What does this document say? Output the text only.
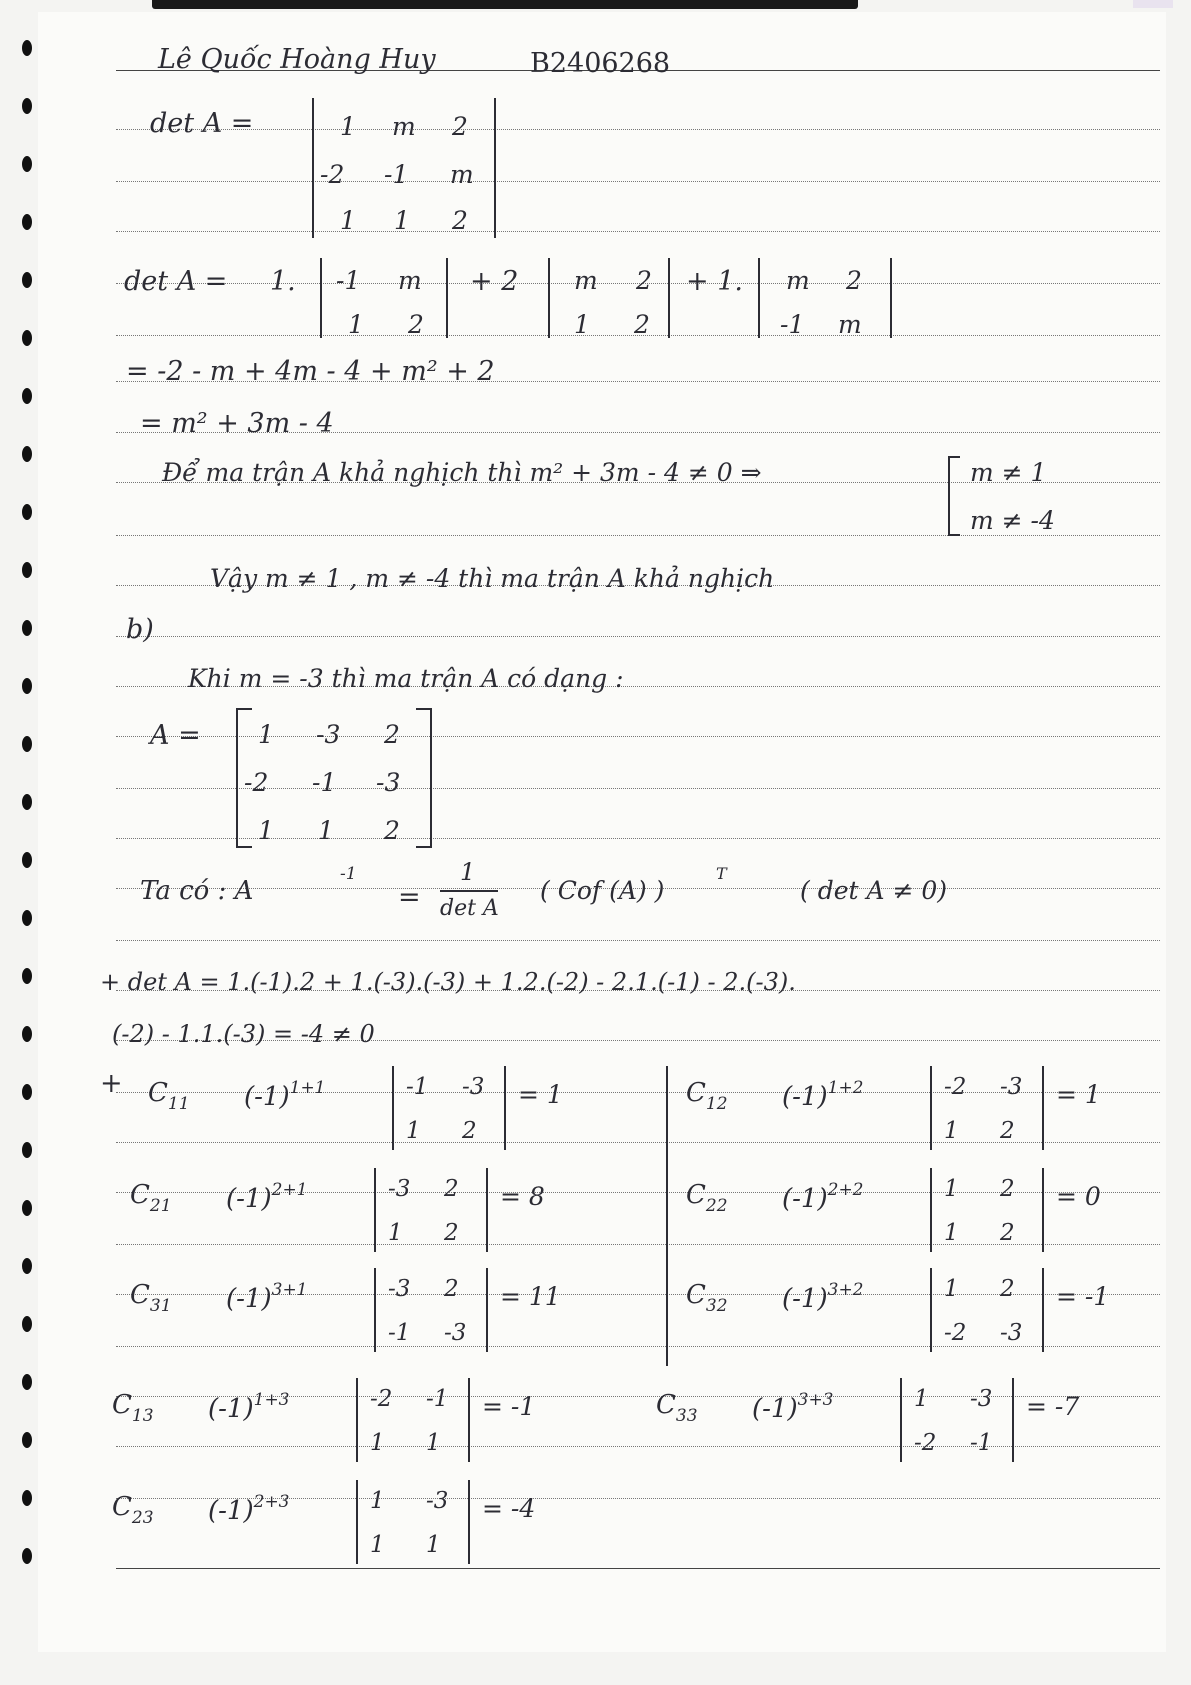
Lê Quốc Hoàng Huy	B2406268
det A =	1 m 2
-2 -1 m
1 1 2
det A = 1. -1 m
1 2
+ 2 m 2
1 2
+ 1. m 2
-1 m
= -2 - m + 4m - 4 + m² + 2
= m² + 3m - 4
Để ma trận A khả nghịch thì m² + 3m - 4 ≠ 0 ⇒	m ≠ 1
m ≠ -4
Vậy m ≠ 1 , m ≠ -4 thì ma trận A khả nghịch
b)
Khi m = -3 thì ma trận A có dạng :
A = 1 -3 2
-2 -1 -3
1 1 2
Ta có : A
-1
=
1
det A
( Cof (A) )
T
( det A ≠ 0)
+ det A = 1.(-1).2 + 1.(-3).(-3) + 1.2.(-2) - 2.1.(-1) - 2.(-3).
(-2) - 1.1.(-3) = -4 ≠ 0
+ $C_{11}$ $(-1)^{1+1}$	-1 -3
1 2
= 1	$C_{12}$ $(-1)^{1+2}$	-2 -3
1 2
= 1
$C_{21}$ $(-1)^{2+1}$	-3 2
1 2
= 8	$C_{22}$ $(-1)^{2+2}$	1 2
1 2
= 0
$C_{31}$ $(-1)^{3+1}$	-3 2
-1 -3
= 11	$C_{32}$ $(-1)^{3+2}$	1 2
-2 -3
= -1
$C_{13}$ $(-1)^{1+3}$	-2 -1
1 1
= -1	$C_{33}$ $(-1)^{3+3}$	1 -3
-2 -1
= -7
$C_{23}$ $(-1)^{2+3}$	1 -3
1 1
= -4
